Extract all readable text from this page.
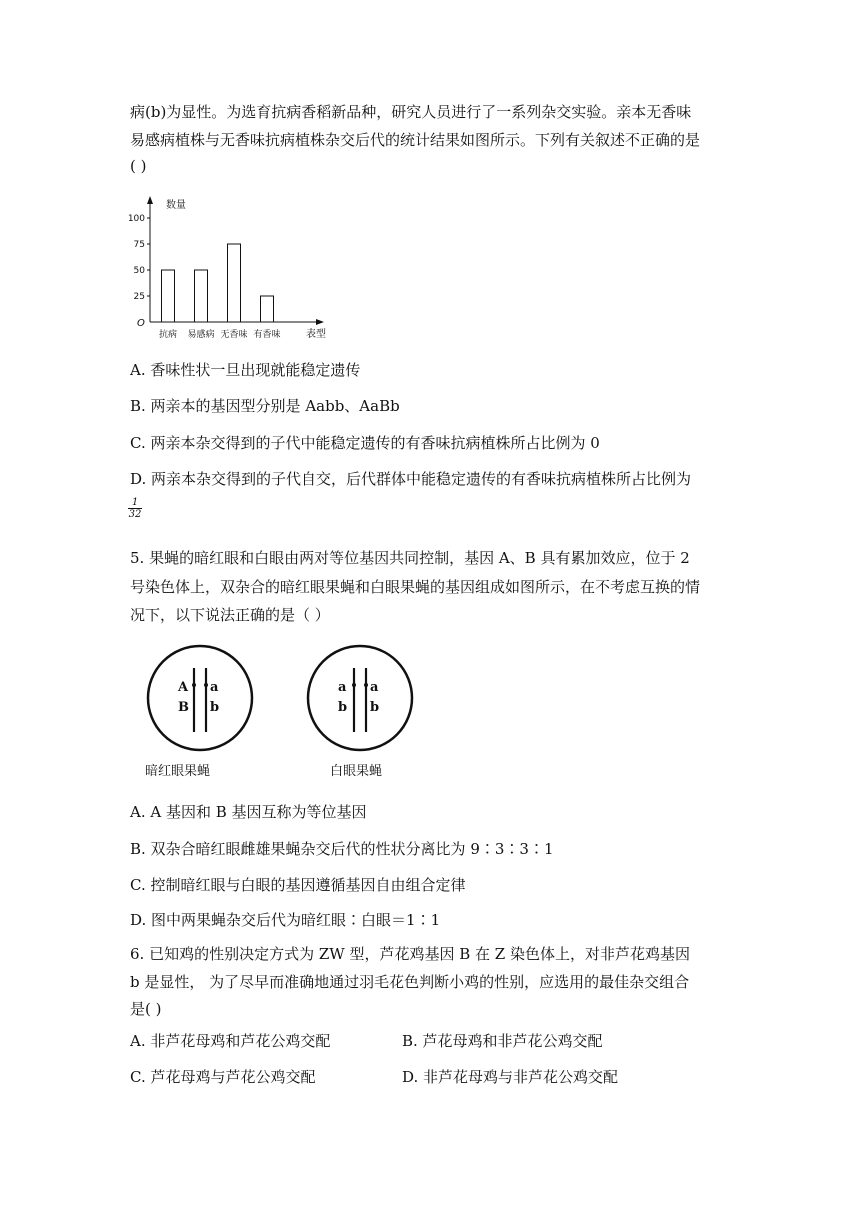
病(b)为显性。为选育抗病香稻新品种，研究人员进行了一系列杂交实验。亲本无香味
易感病植株与无香味抗病植株杂交后代的统计结果如图所示。下列有关叙述不正确的是
( )
数量
表型
O
25
50
75
100
抗病 易感病 无香味 有香味
A. 香味性状一旦出现就能稳定遗传
B. 两亲本的基因型分别是 Aabb、AaBb
C. 两亲本杂交得到的子代中能稳定遗传的有香味抗病植株所占比例为 0
D. 两亲本杂交得到的子代自交，后代群体中能稳定遗传的有香味抗病植株所占比例为
$\frac{1}{32}$
5. 果蝇的暗红眼和白眼由两对等位基因共同控制，基因 A、B 具有累加效应，位于 2
号染色体上，双杂合的暗红眼果蝇和白眼果蝇的基因组成如图所示，在不考虑互换的情
况下，以下说法正确的是（ ）
A a
B b
暗红眼果蝇
a a
b b
白眼果蝇
A. A 基因和 B 基因互称为等位基因
B. 双杂合暗红眼雌雄果蝇杂交后代的性状分离比为 9∶3∶3∶1
C. 控制暗红眼与白眼的基因遵循基因自由组合定律
D. 图中两果蝇杂交后代为暗红眼∶白眼＝1∶1
6. 已知鸡的性别决定方式为 ZW 型，芦花鸡基因 B 在 Z 染色体上，对非芦花鸡基因
b 是显性， 为了尽早而准确地通过羽毛花色判断小鸡的性别，应选用的最佳杂交组合
是( )
A. 非芦花母鸡和芦花公鸡交配	B. 芦花母鸡和非芦花公鸡交配
C. 芦花母鸡与芦花公鸡交配	D. 非芦花母鸡与非芦花公鸡交配
